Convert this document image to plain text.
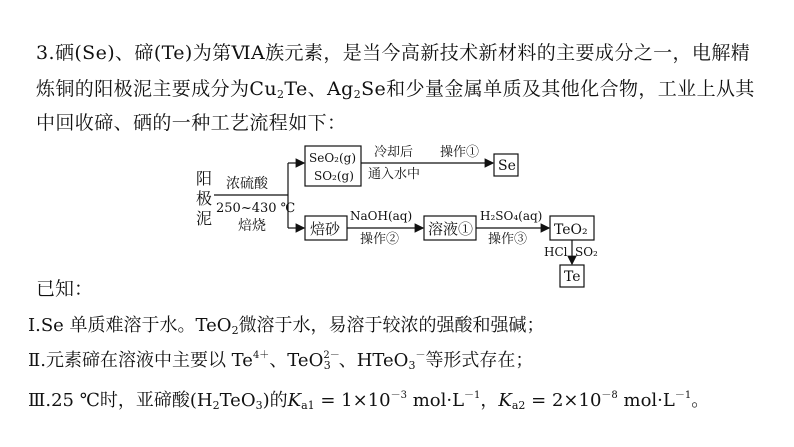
3.硒(Se)、碲(Te)为第ⅥA族元素，是当今高新技术新材料的主要成分之一，电解精
炼铜的阳极泥主要成分为$Cu_2Te$、$Ag_2Se$和少量金属单质及其他化合物，工业上从其
中回收碲、硒的一种工艺流程如下：
阳
极
泥
浓硫酸
250~430 ℃
焙烧
SeO₂(g)
SO₂(g)
冷却后
通入水中
操作①
Se
焙砂
NaOH(aq)
操作②
溶液①
H₂SO₄(aq)
操作③
TeO₂
HCl SO₂
Te
已知：
Ⅰ.Se 单质难溶于水。TeO$_2$微溶于水，易溶于较浓的强酸和强碱；
Ⅱ.元素碲在溶液中主要以 $Te^{4+}$、TeO$^{2-}_3$ 、HTeO$_3$－等形式存在；
Ⅲ.25 ℃时，亚碲酸$(H_2TeO_3)$的$K_{a1} = 1\times 10^{-3}$ $mol\cdot L^{-1}$，$K_{a2} = 2\times 10^{-8}$ $mol\cdot L^{-1}$。
